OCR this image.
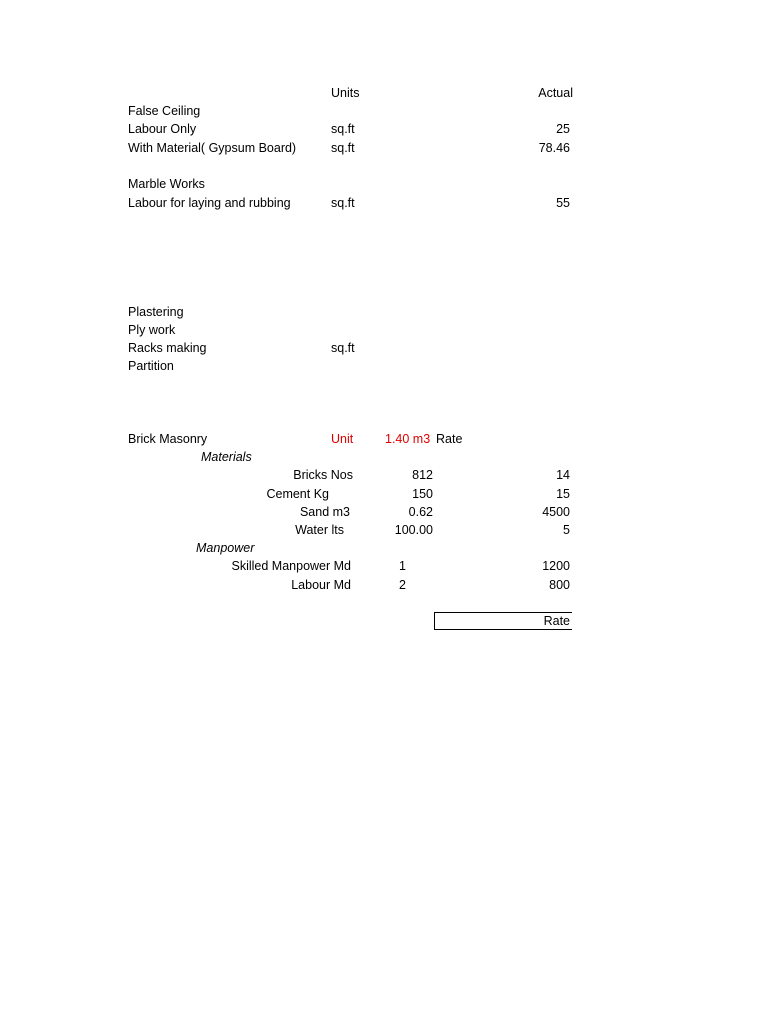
Units	Actual
False Ceiling
Labour Only	sq.ft	25
With Material( Gypsum Board)	sq.ft	78.46
Marble Works
Labour for laying and rubbing	sq.ft	55
Plastering
Ply work
Racks making	sq.ft
Partition
Brick Masonry	Unit	1.40 m3 Rate
Materials
Bricks Nos	812	14
Cement Kg	150	15
Sand m3	0.62	4500
Water lts	100.00	5
Manpower
Skilled Manpower Md	1	1200
Labour Md	2	800
Rate
